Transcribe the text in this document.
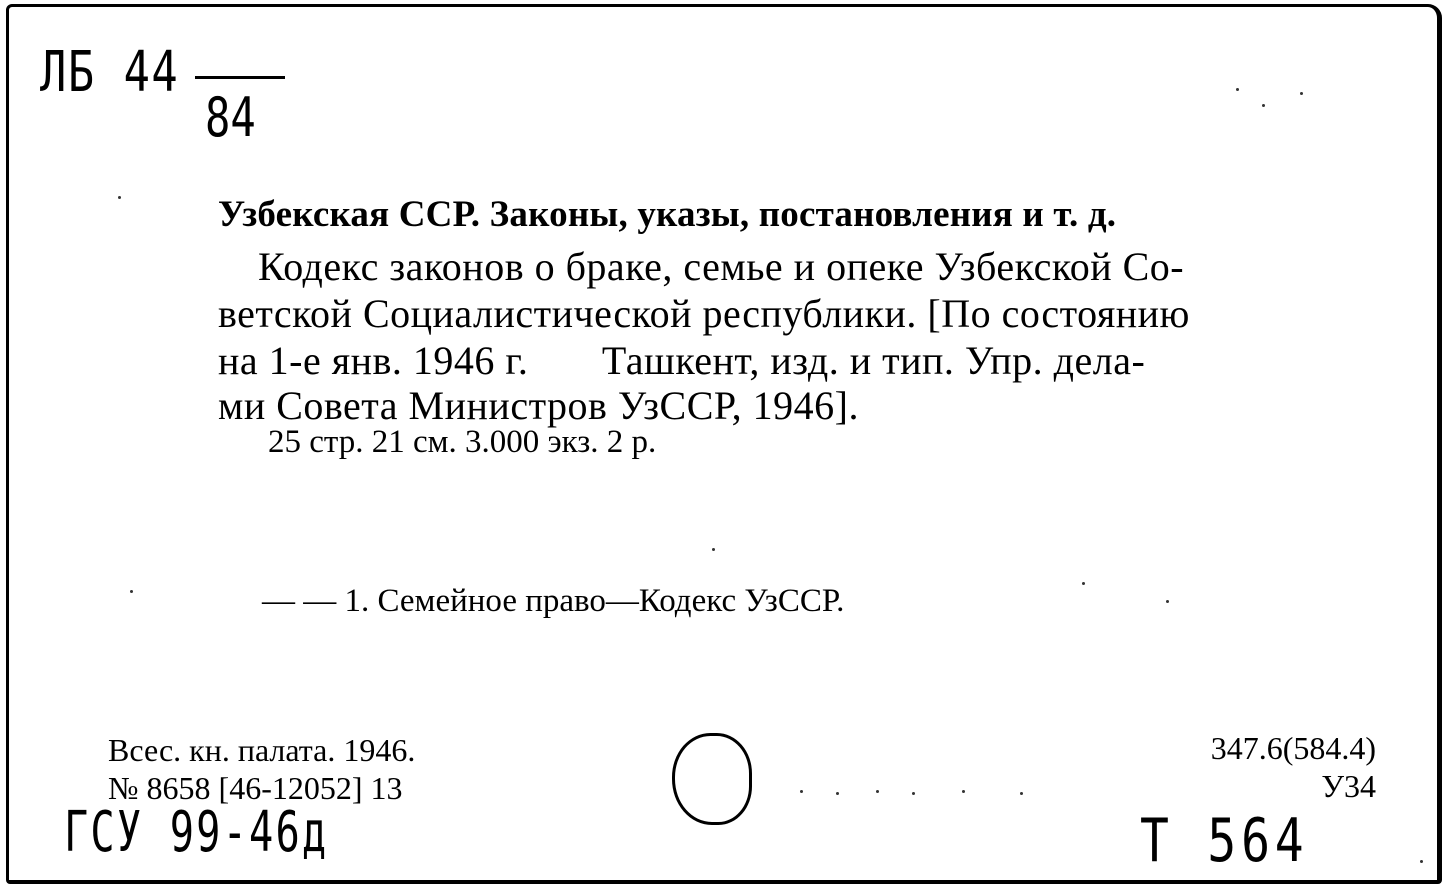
ЛБ 44
84
Узбекская ССР. Законы, указы, постановления и т. д.
Кодекс законов о браке, семье и опеке Узбекской Со-
ветской Социалистической республики. [По состоянию
на 1-е янв. 1946 г.       Ташкент, изд. и тип. Упр. дела-
ми Совета Министров УзССР, 1946].
25 стр. 21 см. 3.000 экз. 2 р.
— — 1. Семейное право—Кодекс УзССР.
Всес. кн. палата. 1946.
№ 8658 [46-12052] 13
347.6(584.4)
У34
ГСУ 99-46д	Т 564
